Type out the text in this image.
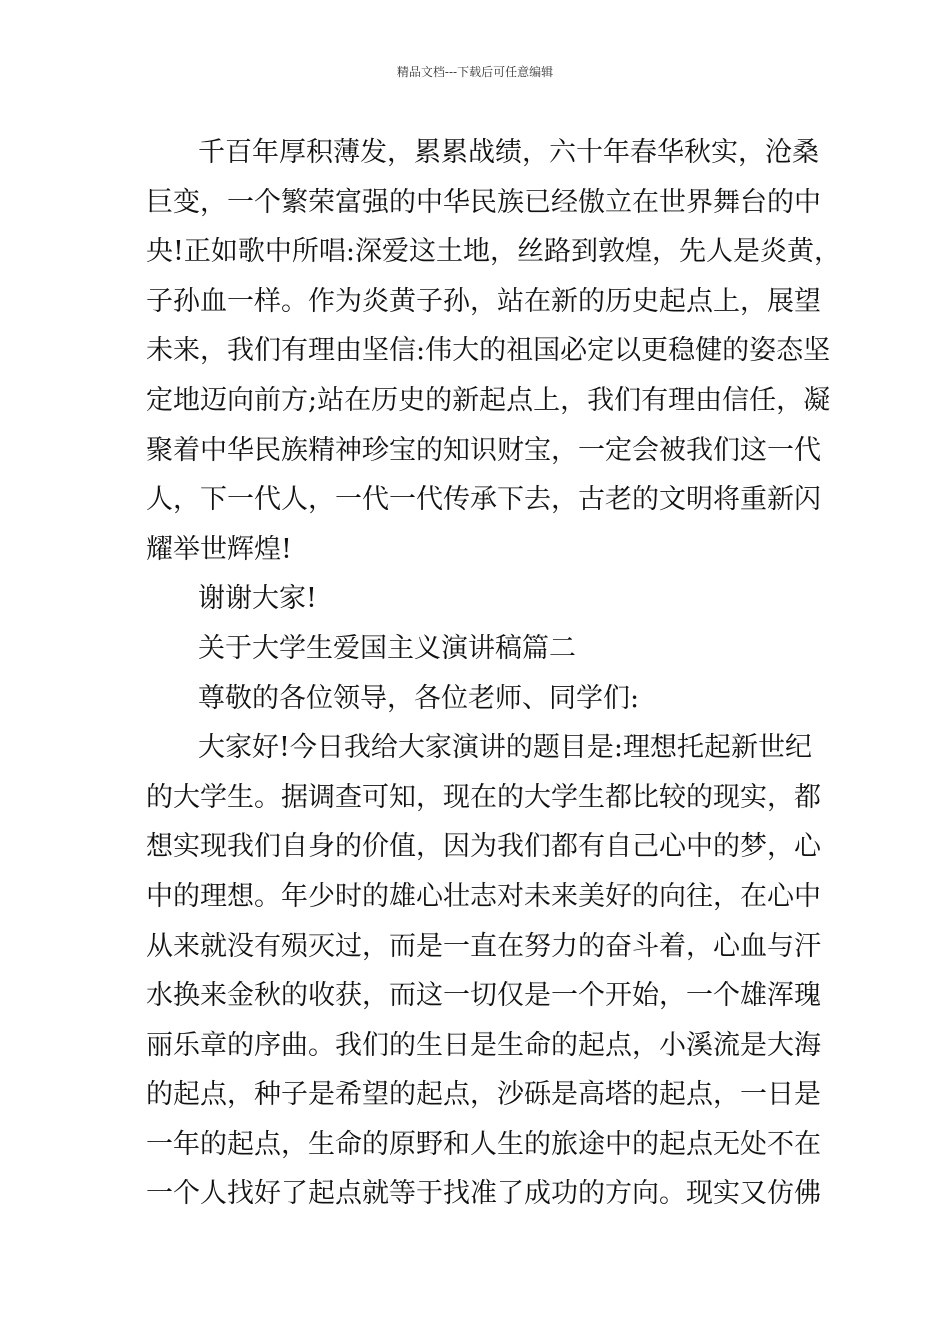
精品文档---下载后可任意编辑
千百年厚积薄发，累累战绩，六十年春华秋实，沧桑
巨变，一个繁荣富强的中华民族已经傲立在世界舞台的中
央!正如歌中所唱:深爱这土地，丝路到敦煌，先人是炎黄，
子孙血一样。作为炎黄子孙，站在新的历史起点上，展望
未来，我们有理由坚信:伟大的祖国必定以更稳健的姿态坚
定地迈向前方;站在历史的新起点上，我们有理由信任，凝
聚着中华民族精神珍宝的知识财宝，一定会被我们这一代
人，下一代人，一代一代传承下去，古老的文明将重新闪
耀举世辉煌!
谢谢大家!
关于大学生爱国主义演讲稿篇二
尊敬的各位领导，各位老师、同学们:
大家好!今日我给大家演讲的题目是:理想托起新世纪
的大学生。据调查可知，现在的大学生都比较的现实，都
想实现我们自身的价值，因为我们都有自己心中的梦，心
中的理想。年少时的雄心壮志对未来美好的向往，在心中
从来就没有殒灭过，而是一直在努力的奋斗着，心血与汗
水换来金秋的收获，而这一切仅是一个开始，一个雄浑瑰
丽乐章的序曲。我们的生日是生命的起点，小溪流是大海
的起点，种子是希望的起点，沙砾是高塔的起点，一日是
一年的起点，生命的原野和人生的旅途中的起点无处不在
一个人找好了起点就等于找准了成功的方向。现实又仿佛
